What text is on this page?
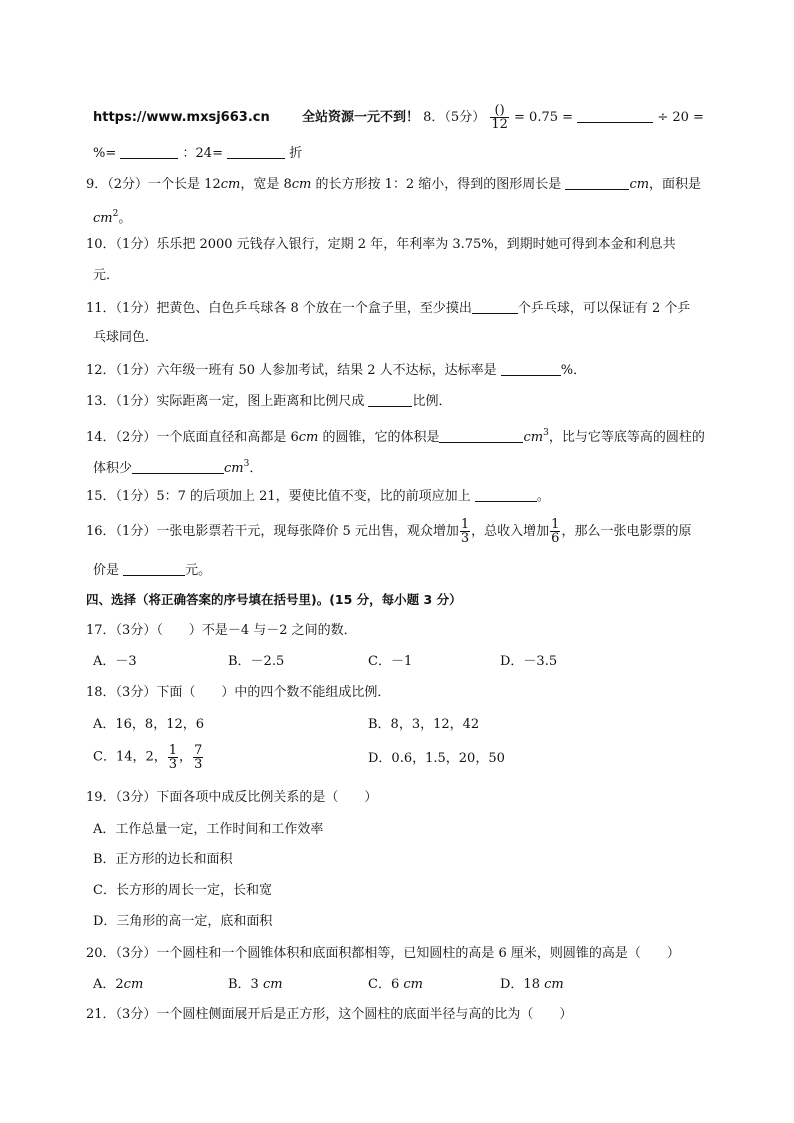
https://www.mxsj663.cn 全站资源一元不到！ 8．（5分） $\frac{()}{12} = 0.75$ =	÷ 20 =
%=	：24=	折
9．（2分）一个长是 12cm，宽是 8cm 的长方形按 1：2 缩小，得到的图形周长是	cm，面积是
$cm^2$。
10．（1分）乐乐把 2000 元钱存入银行，定期 2 年，年利率为 3.75%，到期时她可得到本金和利息共
元．
11．（1分）把黄色、白色乒乓球各 8 个放在一个盒子里，至少摸出	个乒乓球，可以保证有 2 个乒
乓球同色．
12．（1分）六年级一班有 50 人参加考试，结果 2 人不达标，达标率是	%．
13．（1分）实际距离一定，图上距离和比例尺成	比例．
14．（2分）一个底面直径和高都是 6cm 的圆锥，它的体积是	$cm^3$，比与它等底等高的圆柱的
体积少	$cm^3$．
15．（1分）5：7 的后项加上 21，要使比值不变，比的前项应加上	。
16．（1分）一张电影票若干元，现每张降价 5 元出售，观众增加 $\frac{1}{3}$ ，总收入增加 $\frac{1}{6}$ ，那么一张电影票的原
价是	元。
四、选择（将正确答案的序号填在括号里)。(15 分，每小题 3 分）
17．（3分）（　　）不是－4 与－2 之间的数．
A．－3	B．－2.5	C．－1	D．－3.5
18．（3分）下面（　　）中的四个数不能组成比例．
A．16，8，12，6	B．8，3，12，42
C．14，2， $\frac{1}{3}$ ， $\frac{7}{3}$	D．0.6，1.5，20，50
19．（3分）下面各项中成反比例关系的是（　　）
A．工作总量一定，工作时间和工作效率
B．正方形的边长和面积
C．长方形的周长一定，长和宽
D．三角形的高一定，底和面积
20．（3分）一个圆柱和一个圆锥体积和底面积都相等，已知圆柱的高是 6 厘米，则圆锥的高是（　　）
A．2cm	B．3 cm	C．6 cm	D．18 cm
21．（3分）一个圆柱侧面展开后是正方形，这个圆柱的底面半径与高的比为（　　）
